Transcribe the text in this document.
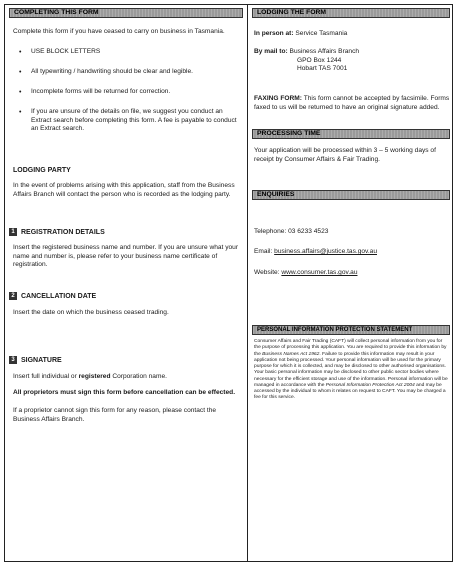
COMPLETING THIS FORM
Complete this form if you have ceased to carry on business in Tasmania.
• USE BLOCK LETTERS
• All typewriting / handwriting should be clear and legible.
• Incomplete forms will be returned for correction.
• If you are unsure of the details on file, we suggest you conduct an Extract search before completing this form. A fee is payable to conduct an Extract search.
LODGING PARTY
In the event of problems arising with this application, staff from the Business Affairs Branch will contact the person who is recorded as the lodging party.
1 REGISTRATION DETAILS
Insert the registered business name and number. If you are unsure what your name and number is, please refer to your business name certificate of registration.
2 CANCELLATION DATE
Insert the date on which the business ceased trading.
3 SIGNATURE
Insert full individual or registered Corporation name.
All proprietors must sign this form before cancellation can be effected.
If a proprietor cannot sign this form for any reason, please contact the Business Affairs Branch.
LODGING THE FORM
In person at: Service Tasmania
By mail to: Business Affairs Branch
GPO Box 1244
Hobart TAS 7001
FAXING FORM: This form cannot be accepted by facsimile. Forms faxed to us will be returned to have an original signature added.
PROCESSING TIME
Your application will be processed within 3 – 5 working days of receipt by Consumer Affairs & Fair Trading.
ENQUIRIES
Telephone: 03 6233 4523
Email: business.affairs@justice.tas.gov.au
Website: www.consumer.tas.gov.au
PERSONAL INFORMATION PROTECTION STATEMENT
Consumer Affairs and Fair Trading (CAFT) will collect personal information from you for the purpose of processing this application. You are required to provide this information by the Business Names Act 1962. Failure to provide this information may result in your application not being processed. Your personal information will be used for the primary purpose for which it is collected, and may be disclosed to other authorised organisations. Your basic personal information may be disclosed to other public sector bodies where necessary for the efficient storage and use of the information. Personal information will be managed in accordance with the Personal Information Protection Act 2004 and may be accessed by the individual to whom it relates on request to CAFT. You may be charged a fee for this service.
